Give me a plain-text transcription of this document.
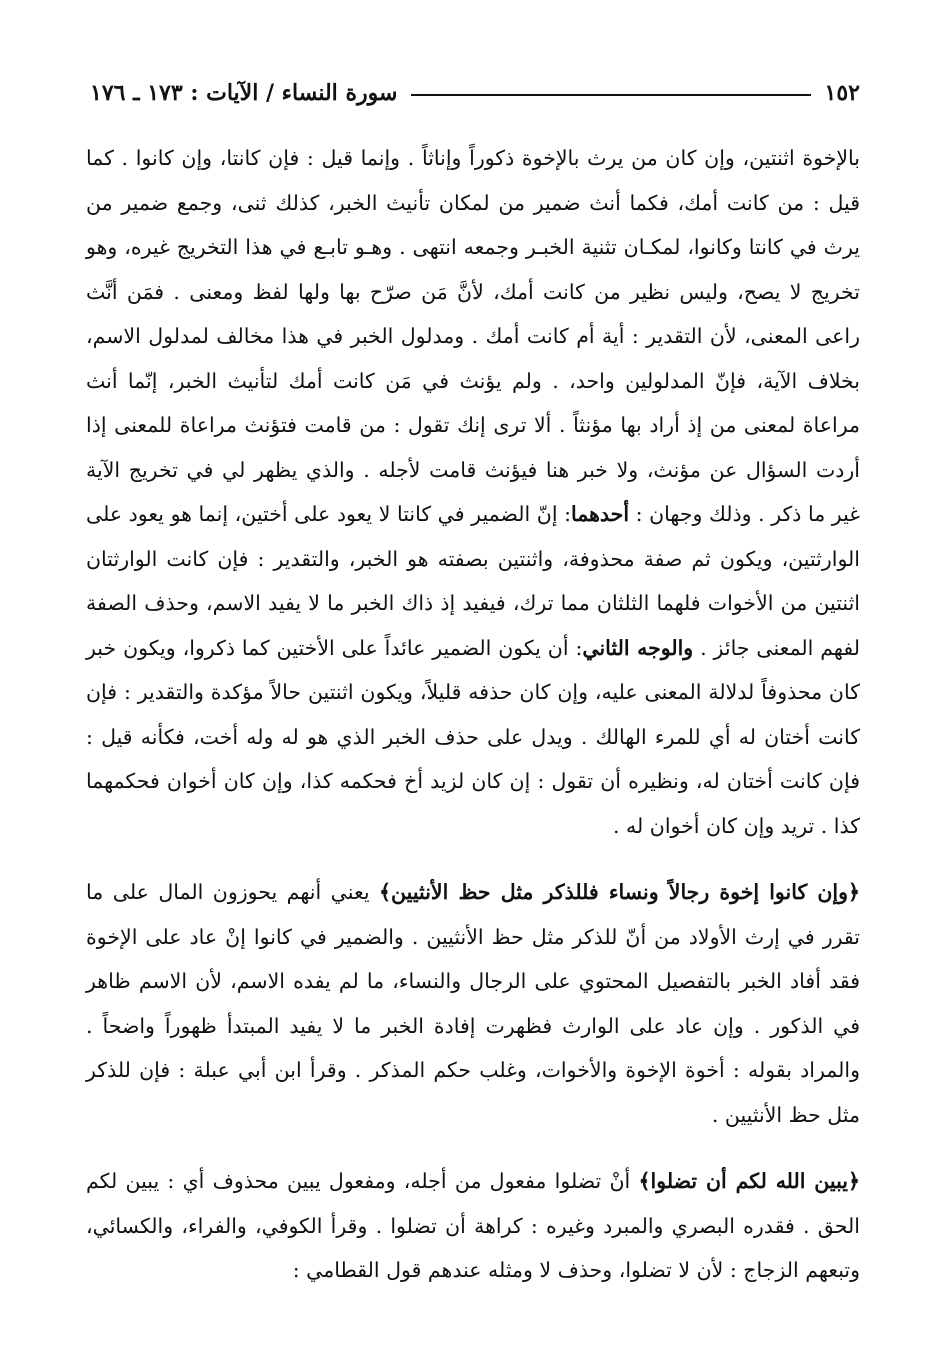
١٥٢
سورة النساء / الآيات : ١٧٣ ـ ١٧٦

بالإخوة اثنتين، وإن كان من يرث بالإخوة ذكوراً وإناثاً . وإنما قيل : فإن كانتا، وإن كانوا . كما قيل : من كانت أمك، فكما أنث ضمير من لمكان تأنيث الخبر، كذلك ثنى، وجمع ضمير من يرث في كانتا وكانوا، لمكـان تثنية الخبـر وجمعه انتهى . وهـو تابـع في هذا التخريج غيره، وهو تخريج لا يصح، وليس نظير من كانت أمك، لأنَّ مَن صرّح بها ولها لفظ ومعنى . فمَن أنَّث راعى المعنى، لأن التقدير : أية أم كانت أمك . ومدلول الخبر في هذا مخالف لمدلول الاسم، بخلاف الآية، فإنّ المدلولين واحد، . ولم يؤنث في مَن كانت أمك لتأنيث الخبر، إنّما أنث مراعاة لمعنى من إذ أراد بها مؤنثاً . ألا ترى إنك تقول : من قامت فتؤنث مراعاة للمعنى إذا أردت السؤال عن مؤنث، ولا خبر هنا فيؤنث قامت لأجله . والذي يظهر لي في تخريج الآية غير ما ذكر . وذلك وجهان : أحدهما: إنّ الضمير في كانتا لا يعود على أختين، إنما هو يعود على الوارثتين، ويكون ثم صفة محذوفة، واثنتين بصفته هو الخبر، والتقدير : فإن كانت الوارثتان اثنتين من الأخوات فلهما الثلثان مما ترك، فيفيد إذ ذاك الخبر ما لا يفيد الاسم، وحذف الصفة لفهم المعنى جائز . والوجه الثاني: أن يكون الضمير عائداً على الأختين كما ذكروا، ويكون خبر كان محذوفاً لدلالة المعنى عليه، وإن كان حذفه قليلاً، ويكون اثنتين حالاً مؤكدة والتقدير : فإن كانت أختان له أي للمرء الهالك . ويدل على حذف الخبر الذي هو له وله أخت، فكأنه قيل : فإن كانت أختان له، ونظيره أن تقول : إن كان لزيد أخ فحكمه كذا، وإن كان أخوان فحكمهما كذا . تريد وإن كان أخوان له .

﴿وإن كانوا إخوة رجالاً ونساء فللذكر مثل حظ الأنثيين﴾ يعني أنهم يحوزون المال على ما تقرر في إرث الأولاد من أنّ للذكر مثل حظ الأنثيين . والضمير في كانوا إنْ عاد على الإخوة فقد أفاد الخبر بالتفصيل المحتوي على الرجال والنساء، ما لم يفده الاسم، لأن الاسم ظاهر في الذكور . وإن عاد على الوارث فظهرت إفادة الخبر ما لا يفيد المبتدأ ظهوراً واضحاً . والمراد بقوله : أخوة الإخوة والأخوات، وغلب حكم المذكر . وقرأ ابن أبي عبلة : فإن للذكر مثل حظ الأنثيين .

﴿يبين الله لكم أن تضلوا﴾ أنْ تضلوا مفعول من أجله، ومفعول يبين محذوف أي : يبين لكم الحق . فقدره البصري والمبرد وغيره : كراهة أن تضلوا . وقرأ الكوفي، والفراء، والكسائي، وتبعهم الزجاج : لأن لا تضلوا، وحذف لا ومثله عندهم قول القطامي :
